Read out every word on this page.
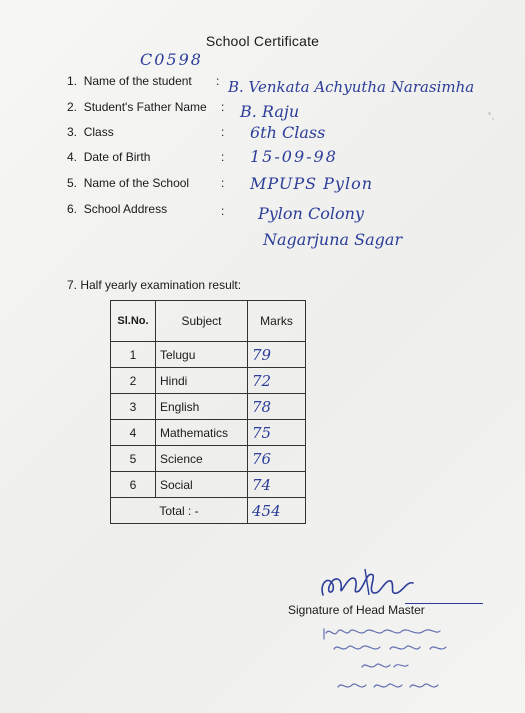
School Certificate
C0598
1. Name of the student : B. Venkata Achyutha Narasimha
2. Student's Father Name : B. Raju
3. Class	: 6th Class
4. Date of Birth	: 15-09-98
5. Name of the School	: MPUPS Pylon
6. School Address	: Pylon Colony
Nagarjuna Sagar
7. Half yearly examination result:
Sl.No.	Subject	Marks
1	Telugu	79
2	Hindi	72
3	English	78
4	Mathematics	75
5	Science	76
6	Social	74
Total : -		454
Signature of Head Master
